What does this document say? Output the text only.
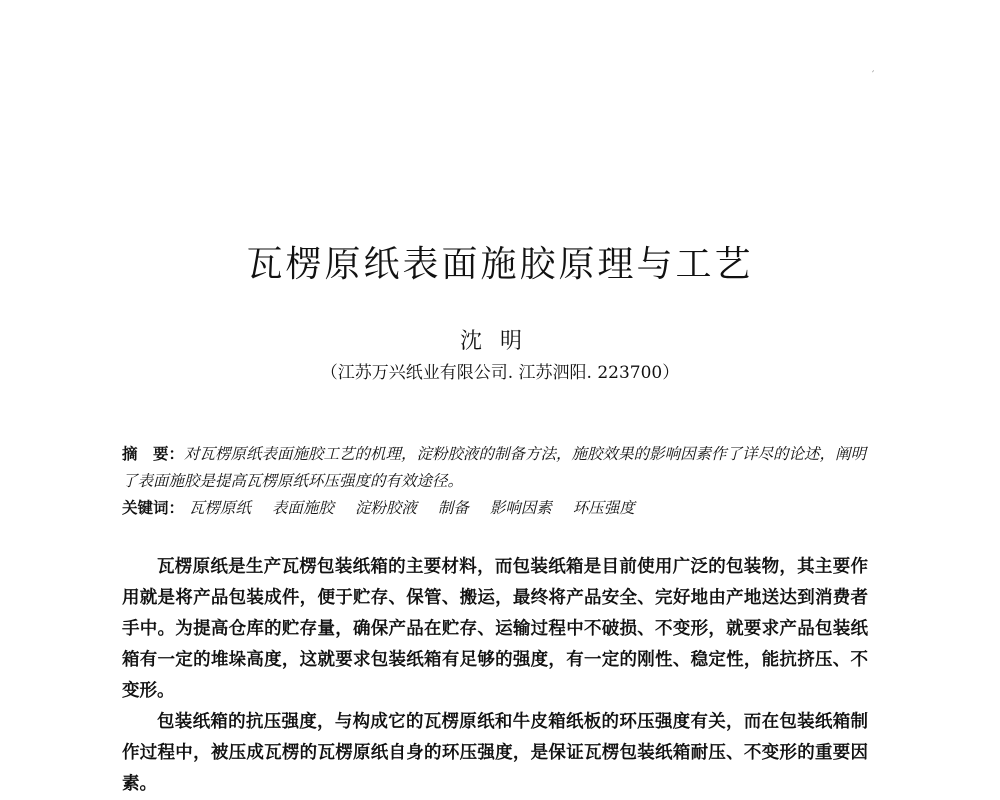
瓦楞原纸表面施胶原理与工艺
沈明
（江苏万兴纸业有限公司. 江苏泗阳. 223700）
摘　要：对瓦楞原纸表面施胶工艺的机理，淀粉胶液的制备方法，施胶效果的影响因素作了详尽的论述，阐明了表面施胶是提高瓦楞原纸环压强度的有效途径。
关键词： 瓦楞原纸 表面施胶 淀粉胶液 制备 影响因素 环压强度

瓦楞原纸是生产瓦楞包装纸箱的主要材料，而包装纸箱是目前使用广泛的包装物，其主要作用就是将产品包装成件，便于贮存、保管、搬运，最终将产品安全、完好地由产地送达到消费者手中。为提高仓库的贮存量，确保产品在贮存、运输过程中不破损、不变形，就要求产品包装纸箱有一定的堆垛高度，这就要求包装纸箱有足够的强度，有一定的刚性、稳定性，能抗挤压、不变形。

包装纸箱的抗压强度，与构成它的瓦楞原纸和牛皮箱纸板的环压强度有关，而在包装纸箱制作过程中，被压成瓦楞的瓦楞原纸自身的环压强度，是保证瓦楞包装纸箱耐压、不变形的重要因素。

′
